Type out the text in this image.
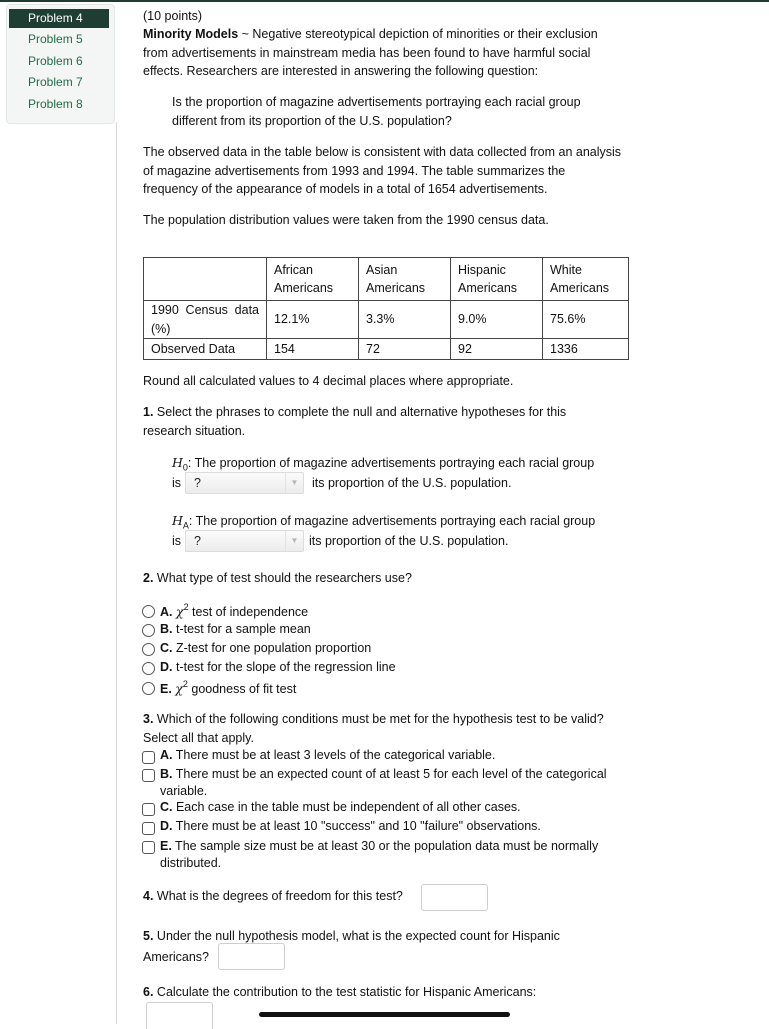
Problem 4
Problem 5
Problem 6
Problem 7
Problem 8
(10 points)
Minority Models ~ Negative stereotypical depiction of minorities or their exclusion from advertisements in mainstream media has been found to have harmful social effects. Researchers are interested in answering the following question:
Is the proportion of magazine advertisements portraying each racial group different from its proportion of the U.S. population?
The observed data in the table below is consistent with data collected from an analysis of magazine advertisements from 1993 and 1994. The table summarizes the frequency of the appearance of models in a total of 1654 advertisements.
The population distribution values were taken from the 1990 census data.
	African Americans	Asian Americans	Hispanic Americans	White Americans
1990 Census data (%)	12.1%	3.3%	9.0%	75.6%
Observed Data	154	72	92	1336
Round all calculated values to 4 decimal places where appropriate.
1. Select the phrases to complete the null and alternative hypotheses for this research situation.
$H_0$: The proportion of magazine advertisements portraying each racial group
is	?	▼	its proportion of the U.S. population.
$H_A$: The proportion of magazine advertisements portraying each racial group
is	?	▼ its proportion of the U.S. population.
2. What type of test should the researchers use?
A. $\chi^2$ test of independence
B. t-test for a sample mean
C. Z-test for one population proportion
D. t-test for the slope of the regression line
E. $\chi^2$ goodness of fit test
3. Which of the following conditions must be met for the hypothesis test to be valid? Select all that apply.
A. There must be at least 3 levels of the categorical variable.
B. There must be an expected count of at least 5 for each level of the categorical variable.
C. Each case in the table must be independent of all other cases.
D. There must be at least 10 "success" and 10 "failure" observations.
E. The sample size must be at least 30 or the population data must be normally distributed.
4. What is the degrees of freedom for this test?
5. Under the null hypothesis model, what is the expected count for Hispanic Americans?
6. Calculate the contribution to the test statistic for Hispanic Americans:
